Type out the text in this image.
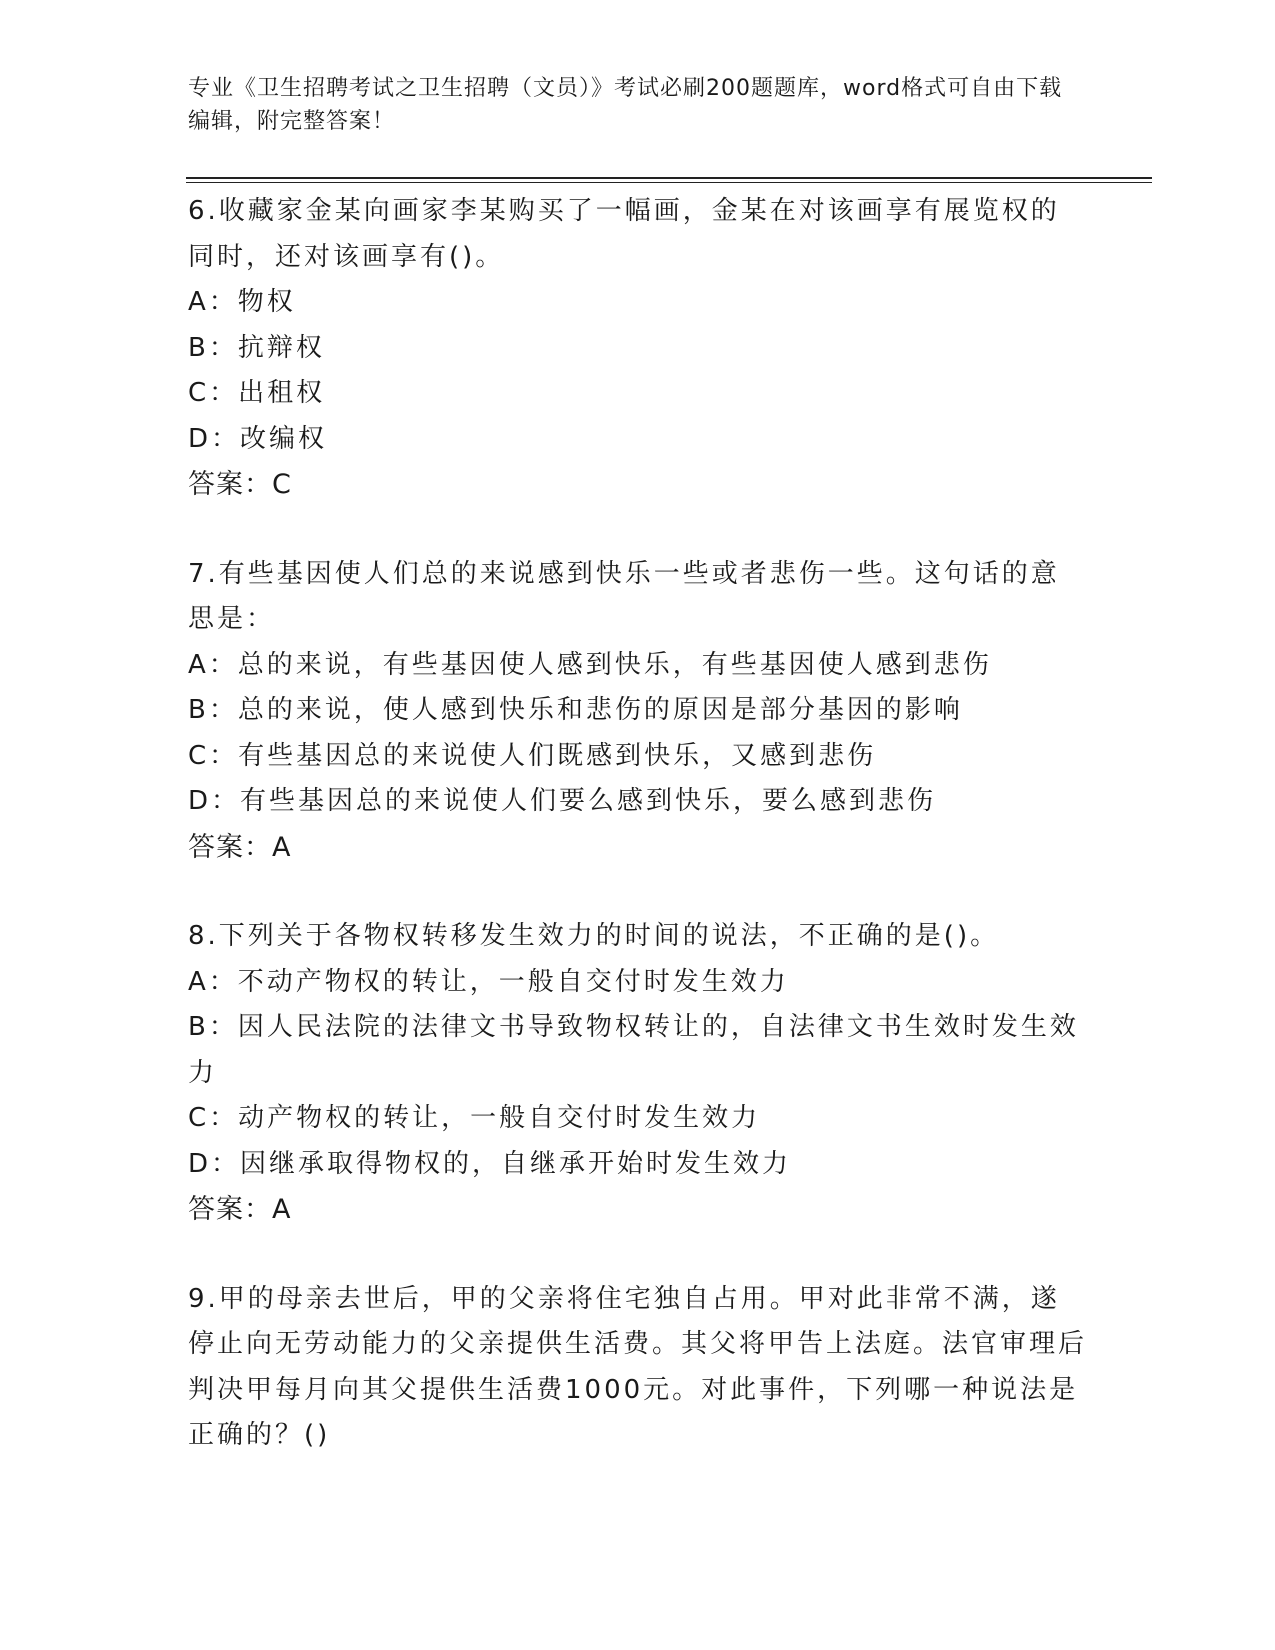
专业《卫生招聘考试之卫生招聘（文员）》考试必刷200题题库，word格式可自由下载编辑，附完整答案！

6.收藏家金某向画家李某购买了一幅画，金某在对该画享有展览权的同时，还对该画享有()。

A：物权

B：抗辩权

C：出租权

D：改编权

答案：C

7.有些基因使人们总的来说感到快乐一些或者悲伤一些。这句话的意思是：

A：总的来说，有些基因使人感到快乐，有些基因使人感到悲伤

B：总的来说，使人感到快乐和悲伤的原因是部分基因的影响

C：有些基因总的来说使人们既感到快乐，又感到悲伤

D：有些基因总的来说使人们要么感到快乐，要么感到悲伤

答案：A

8.下列关于各物权转移发生效力的时间的说法，不正确的是()。

A：不动产物权的转让，一般自交付时发生效力

B：因人民法院的法律文书导致物权转让的，自法律文书生效时发生效力

C：动产物权的转让，一般自交付时发生效力

D：因继承取得物权的，自继承开始时发生效力

答案：A

9.甲的母亲去世后，甲的父亲将住宅独自占用。甲对此非常不满，遂停止向无劳动能力的父亲提供生活费。其父将甲告上法庭。法官审理后判决甲每月向其父提供生活费1000元。对此事件，下列哪一种说法是正确的？()
